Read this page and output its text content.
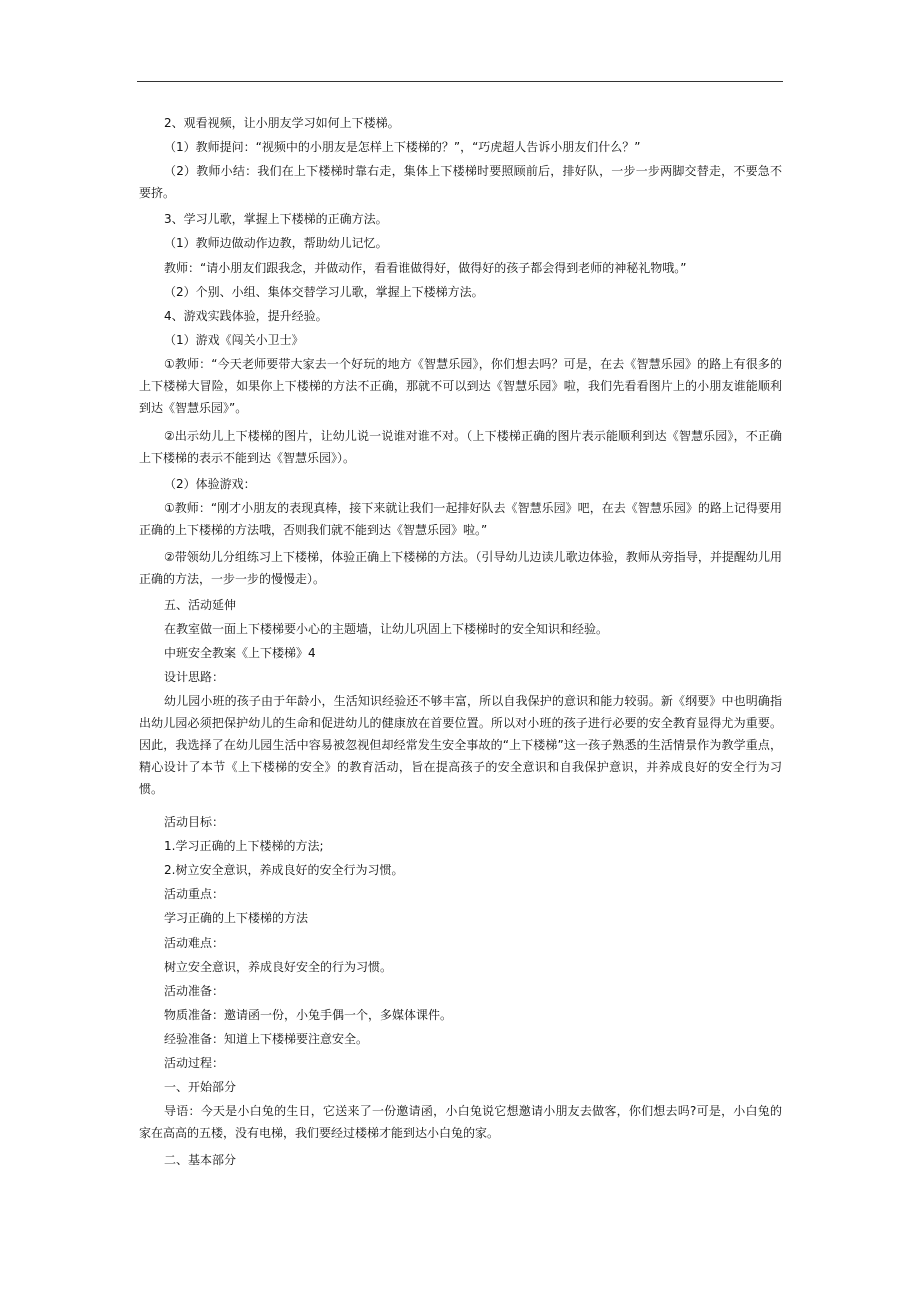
2、观看视频，让小朋友学习如何上下楼梯。

（1）教师提问：“视频中的小朋友是怎样上下楼梯的？”，“巧虎超人告诉小朋友们什么？”

（2）教师小结：我们在上下楼梯时靠右走，集体上下楼梯时要照顾前后，排好队，一步一步两脚交替走，不要急不要挤。

3、学习儿歌，掌握上下楼梯的正确方法。

（1）教师边做动作边教，帮助幼儿记忆。

教师：“请小朋友们跟我念，并做动作，看看谁做得好，做得好的孩子都会得到老师的神秘礼物哦。”

（2）个别、小组、集体交替学习儿歌，掌握上下楼梯方法。

4、游戏实践体验，提升经验。

（1）游戏《闯关小卫士》

①教师：“今天老师要带大家去一个好玩的地方《智慧乐园》，你们想去吗？可是，在去《智慧乐园》的路上有很多的上下楼梯大冒险，如果你上下楼梯的方法不正确，那就不可以到达《智慧乐园》啦，我们先看看图片上的小朋友谁能顺利到达《智慧乐园》”。

②出示幼儿上下楼梯的图片，让幼儿说一说谁对谁不对。（上下楼梯正确的图片表示能顺利到达《智慧乐园》，不正确上下楼梯的表示不能到达《智慧乐园》）。

（2）体验游戏：

①教师：“刚才小朋友的表现真棒，接下来就让我们一起排好队去《智慧乐园》吧，在去《智慧乐园》的路上记得要用正确的上下楼梯的方法哦，否则我们就不能到达《智慧乐园》啦。”

②带领幼儿分组练习上下楼梯，体验正确上下楼梯的方法。（引导幼儿边读儿歌边体验，教师从旁指导，并提醒幼儿用正确的方法，一步一步的慢慢走）。

五、活动延伸

在教室做一面上下楼梯要小心的主题墙，让幼儿巩固上下楼梯时的安全知识和经验。

中班安全教案《上下楼梯》4

设计思路：

幼儿园小班的孩子由于年龄小，生活知识经验还不够丰富，所以自我保护的意识和能力较弱。新《纲要》中也明确指出幼儿园必须把保护幼儿的生命和促进幼儿的健康放在首要位置。所以对小班的孩子进行必要的安全教育显得尤为重要。因此，我选择了在幼儿园生活中容易被忽视但却经常发生安全事故的“上下楼梯”这一孩子熟悉的生活情景作为教学重点，精心设计了本节《上下楼梯的安全》的教育活动，旨在提高孩子的安全意识和自我保护意识，并养成良好的安全行为习惯。

活动目标：

1.学习正确的上下楼梯的方法;

2.树立安全意识，养成良好的安全行为习惯。

活动重点：

学习正确的上下楼梯的方法

活动难点：

树立安全意识，养成良好安全的行为习惯。

活动准备：

物质准备：邀请函一份，小兔手偶一个，多媒体课件。

经验准备：知道上下楼梯要注意安全。

活动过程：

一、开始部分

导语：今天是小白兔的生日，它送来了一份邀请函，小白兔说它想邀请小朋友去做客，你们想去吗?可是，小白兔的家在高高的五楼，没有电梯，我们要经过楼梯才能到达小白兔的家。

二、基本部分
